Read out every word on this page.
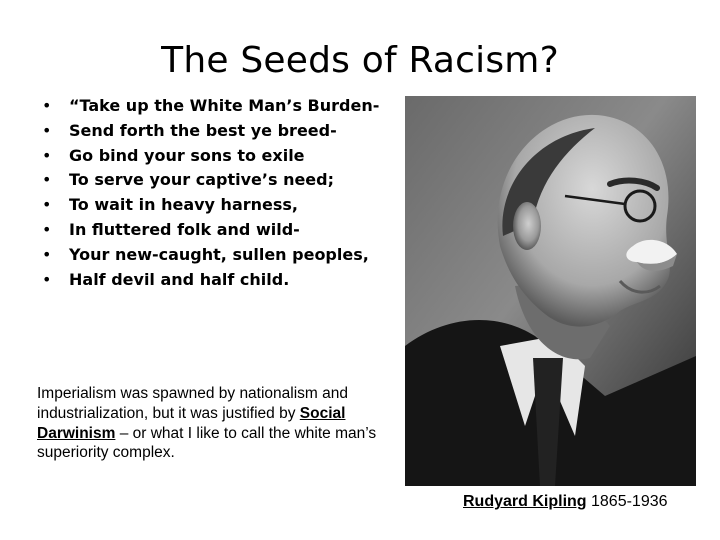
The Seeds of Racism?
•	“Take up the White Man’s Burden-
•	Send forth the best ye breed-
•	Go bind your sons to exile
•	To serve your captive’s need;
•	To wait in heavy harness,
•	In fluttered folk and wild-
•	Your new-caught, sullen peoples,
•	Half devil and half child.

Imperialism was spawned by nationalism and industrialization, but it was justified by Social Darwinism – or what I like to call the white man’s superiority complex.

Rudyard Kipling 1865-1936
